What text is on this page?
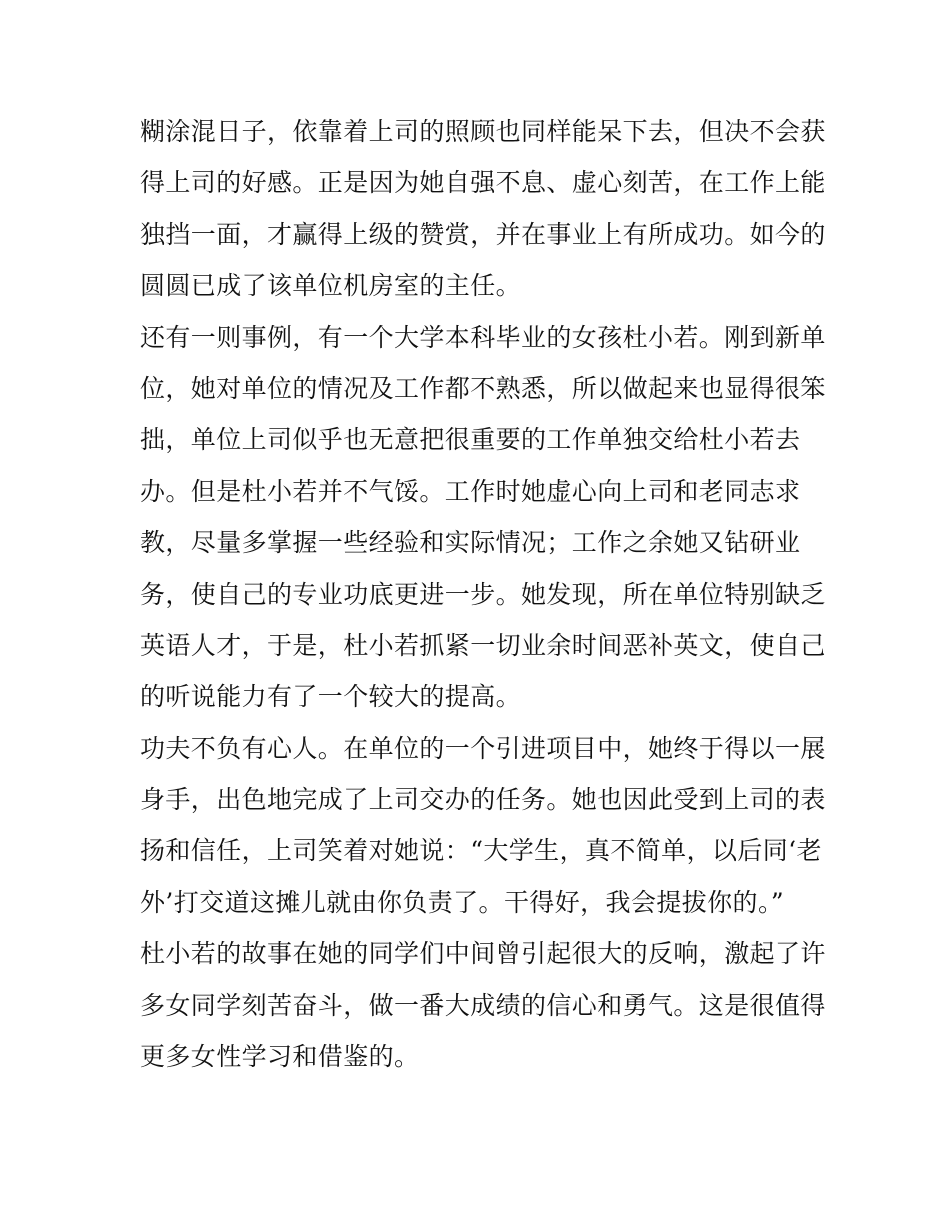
糊涂混日子，依靠着上司的照顾也同样能呆下去，但决不会获
得上司的好感。正是因为她自强不息、虚心刻苦，在工作上能
独挡一面，才赢得上级的赞赏，并在事业上有所成功。如今的
圆圆已成了该单位机房室的主任。
还有一则事例，有一个大学本科毕业的女孩杜小若。刚到新单
位，她对单位的情况及工作都不熟悉，所以做起来也显得很笨
拙，单位上司似乎也无意把很重要的工作单独交给杜小若去
办。但是杜小若并不气馁。工作时她虚心向上司和老同志求
教，尽量多掌握一些经验和实际情况；工作之余她又钻研业
务，使自己的专业功底更进一步。她发现，所在单位特别缺乏
英语人才，于是，杜小若抓紧一切业余时间恶补英文，使自己
的听说能力有了一个较大的提高。
功夫不负有心人。在单位的一个引进项目中，她终于得以一展
身手，出色地完成了上司交办的任务。她也因此受到上司的表
扬和信任，上司笑着对她说：“大学生，真不简单，以后同‘老
外’打交道这摊儿就由你负责了。干得好，我会提拔你的。”
杜小若的故事在她的同学们中间曾引起很大的反响，激起了许
多女同学刻苦奋斗，做一番大成绩的信心和勇气。这是很值得
更多女性学习和借鉴的。
